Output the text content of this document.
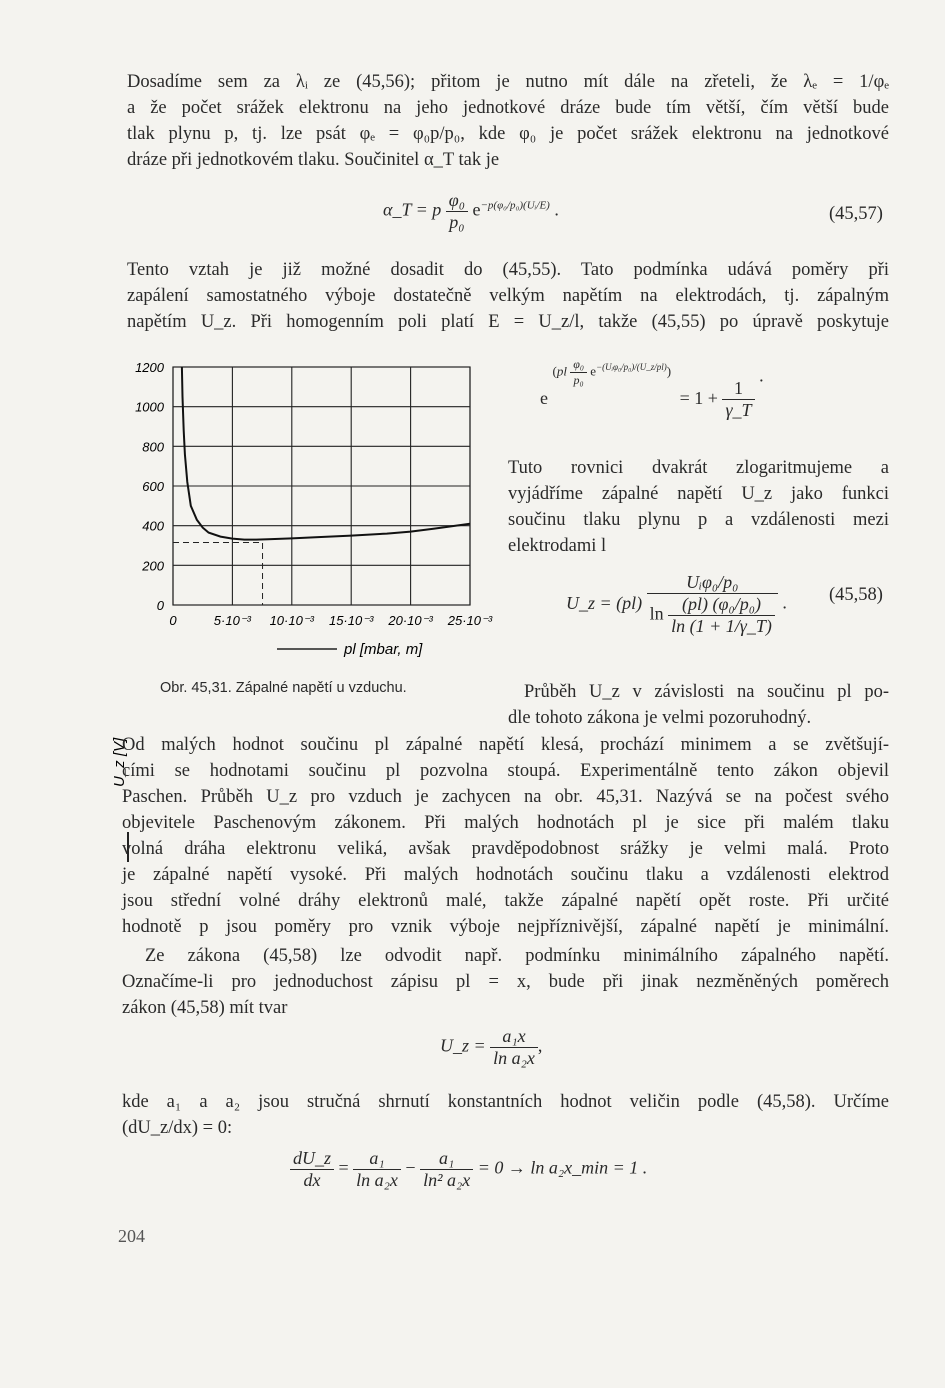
Dosadíme sem za λᵢ ze (45,56); přitom je nutno mít dále na zřeteli, že λₑ = 1/φₑ
a že počet srážek elektronu na jeho jednotkové dráze bude tím větší, čím větší bude
tlak plynu p, tj. lze psát φₑ = φ₀p/p₀, kde φ₀ je počet srážek elektronu na jednotkové
dráze při jednotkovém tlaku. Součinitel α_T tak je
α_T = p $\frac{\text{φ₀}}{\text{p₀}} e^{-p(\varphi_0/p_0)(Uᵢ/E)}$ .	(45,57)
Tento vztah je již možné dosadit do (45,55). Tato podmínka udává poměry při
zapálení samostatného výboje dostatečně velkým napětím na elektrodách, tj. zápalným
napětím U_z. Při homogenním poli platí E = U_z/l, takže (45,55) po úpravě poskytuje
0	5·10⁻³ 10·10⁻³ 15·10⁻³ 20·10⁻³ 25·10⁻³
0
200
400
600
800
1000
1200
U_z [V]
pl [mbar, m]
Obr. 45,31. Zápalné napětí u vzduchu.
e $(pl \frac{\text{φ₀}}{\text{p₀}} e^{-(Uᵢ\varphi_0/p_0)/(U\_z/pl)}) = 1 + \frac{1}{\gamma\_T}$
.
Tuto rovnici dvakrát zlogaritmujeme a
vyjádříme zápalné napětí U_z jako funkci
součinu tlaku plynu p a vzdálenosti mezi
elektrodami l
U_z = $(pl) \frac{\text{Uᵢφ₀/p₀}}{\ln \frac{\text{(pl) (φ₀/p₀)}}{\ln (1 + 1/\gamma\_T)}}$ . (45,58)
Průběh U_z v závislosti na součinu pl po-
dle tohoto zákona je velmi pozoruhodný.
Od malých hodnot součinu pl zápalné napětí klesá, prochází minimem a se zvětšují-
cími se hodnotami součinu pl pozvolna stoupá. Experimentálně tento zákon objevil
Paschen. Průběh U_z pro vzduch je zachycen na obr. 45,31. Nazývá se na počest svého
objevitele Paschenovým zákonem. Při malých hodnotách pl je sice při malém tlaku
volná dráha elektronu veliká, avšak pravděpodobnost srážky je velmi malá. Proto
je zápalné napětí vysoké. Při malých hodnotách součinu tlaku a vzdálenosti elektrod
jsou střední volné dráhy elektronů malé, takže zápalné napětí opět roste. Při určité
hodnotě p jsou poměry pro vznik výboje nejpříznivější, zápalné napětí je minimální.
Ze zákona (45,58) lze odvodit např. podmínku minimálního zápalného napětí.
Označíme-li pro jednoduchost zápisu pl = x, bude při jinak nezměněných poměrech
zákon (45,58) mít tvar
U_z = $\frac{\text{a₁x}}{\text{ln a₂x}}$ ,
kde a₁ a a₂ jsou stručná shrnutí konstantních hodnot veličin podle (45,58). Určíme
(dU_z/dx) = 0:
$\frac{dU\_z}{dx} = \frac{\text{a₁}}{\text{ln a₂x}} - \frac{\text{a₁}}{\text{ln² a₂x}} = 0 \to \ln$ a₂x_min = 1 .
204
